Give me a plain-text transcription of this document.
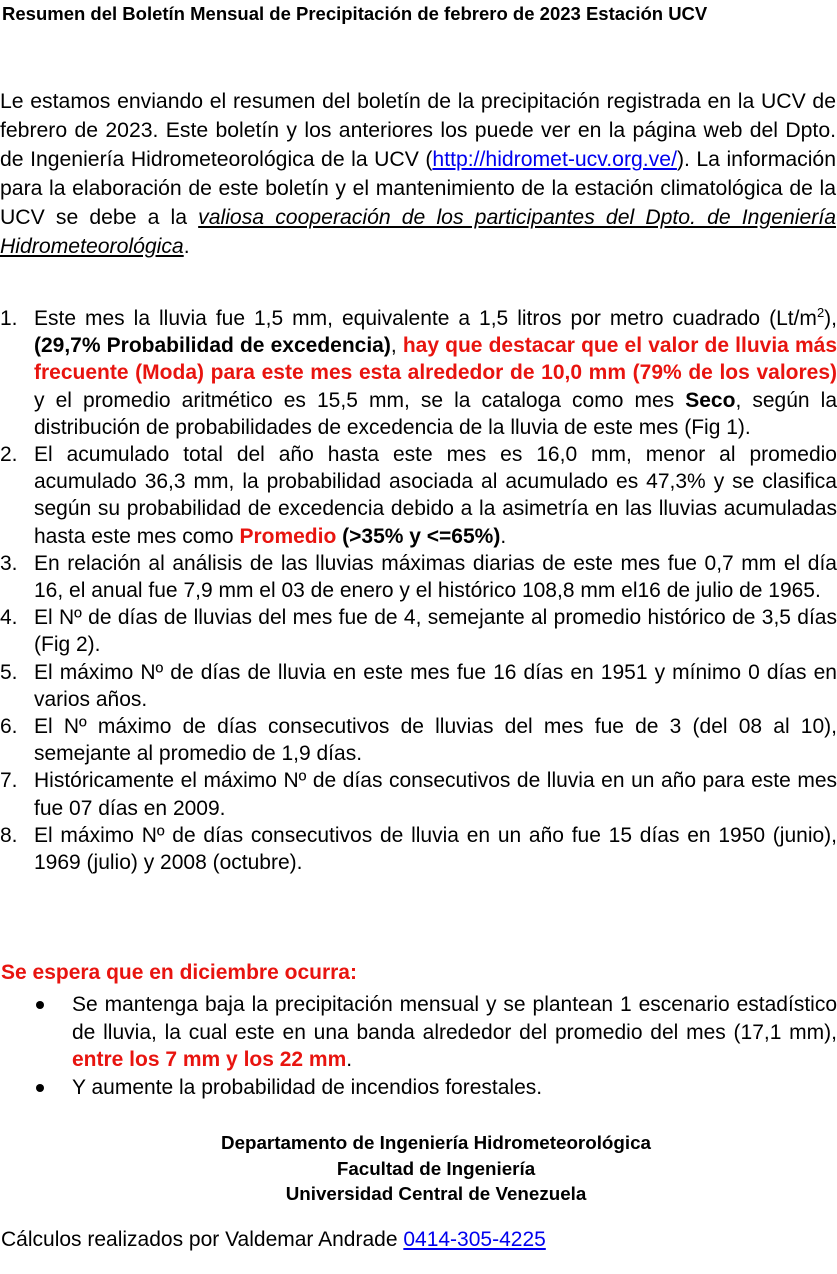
Resumen del Boletín Mensual de Precipitación de febrero de 2023 Estación UCV

Le estamos enviando el resumen del boletín de la precipitación registrada en la UCV de febrero de 2023. Este boletín y los anteriores los puede ver en la página web del Dpto. de Ingeniería Hidrometeorológica de la UCV (http://hidromet-ucv.org.ve/). La información para la elaboración de este boletín y el mantenimiento de la estación climatológica de la UCV se debe a la valiosa cooperación de los participantes del Dpto. de Ingeniería Hidrometeorológica.

1. Este mes la lluvia fue 1,5 mm, equivalente a 1,5 litros por metro cuadrado $(Lt/m^2)$, (29,7% Probabilidad de excedencia), hay que destacar que el valor de lluvia más frecuente (Moda) para este mes esta alrededor de 10,0 mm (79% de los valores) y el promedio aritmético es 15,5 mm, se la cataloga como mes Seco, según la distribución de probabilidades de excedencia de la lluvia de este mes (Fig 1).
2. El acumulado total del año hasta este mes es 16,0 mm, menor al promedio acumulado 36,3 mm, la probabilidad asociada al acumulado es 47,3% y se clasifica según su probabilidad de excedencia debido a la asimetría en las lluvias acumuladas hasta este mes como Promedio (>35% y <=65%).
3. En relación al análisis de las lluvias máximas diarias de este mes fue 0,7 mm el día 16, el anual fue 7,9 mm el 03 de enero y el histórico 108,8 mm el16 de julio de 1965.
4. El Nº de días de lluvias del mes fue de 4, semejante al promedio histórico de 3,5 días (Fig 2).
5. El máximo Nº de días de lluvia en este mes fue 16 días en 1951 y mínimo 0 días en varios años.
6. El Nº máximo de días consecutivos de lluvias del mes fue de 3 (del 08 al 10), semejante al promedio de 1,9 días.
7. Históricamente el máximo Nº de días consecutivos de lluvia en un año para este mes fue 07 días en 2009.
8. El máximo Nº de días consecutivos de lluvia en un año fue 15 días en 1950 (junio), 1969 (julio) y 2008 (octubre).
Se espera que en diciembre ocurra:
Se mantenga baja la precipitación mensual y se plantean 1 escenario estadístico de lluvia, la cual este en una banda alrededor del promedio del mes (17,1 mm), entre los 7 mm y los 22 mm.
Y aumente la probabilidad de incendios forestales.
Departamento de Ingeniería Hidrometeorológica
Facultad de Ingeniería
Universidad Central de Venezuela
Cálculos realizados por Valdemar Andrade 0414-305-4225
